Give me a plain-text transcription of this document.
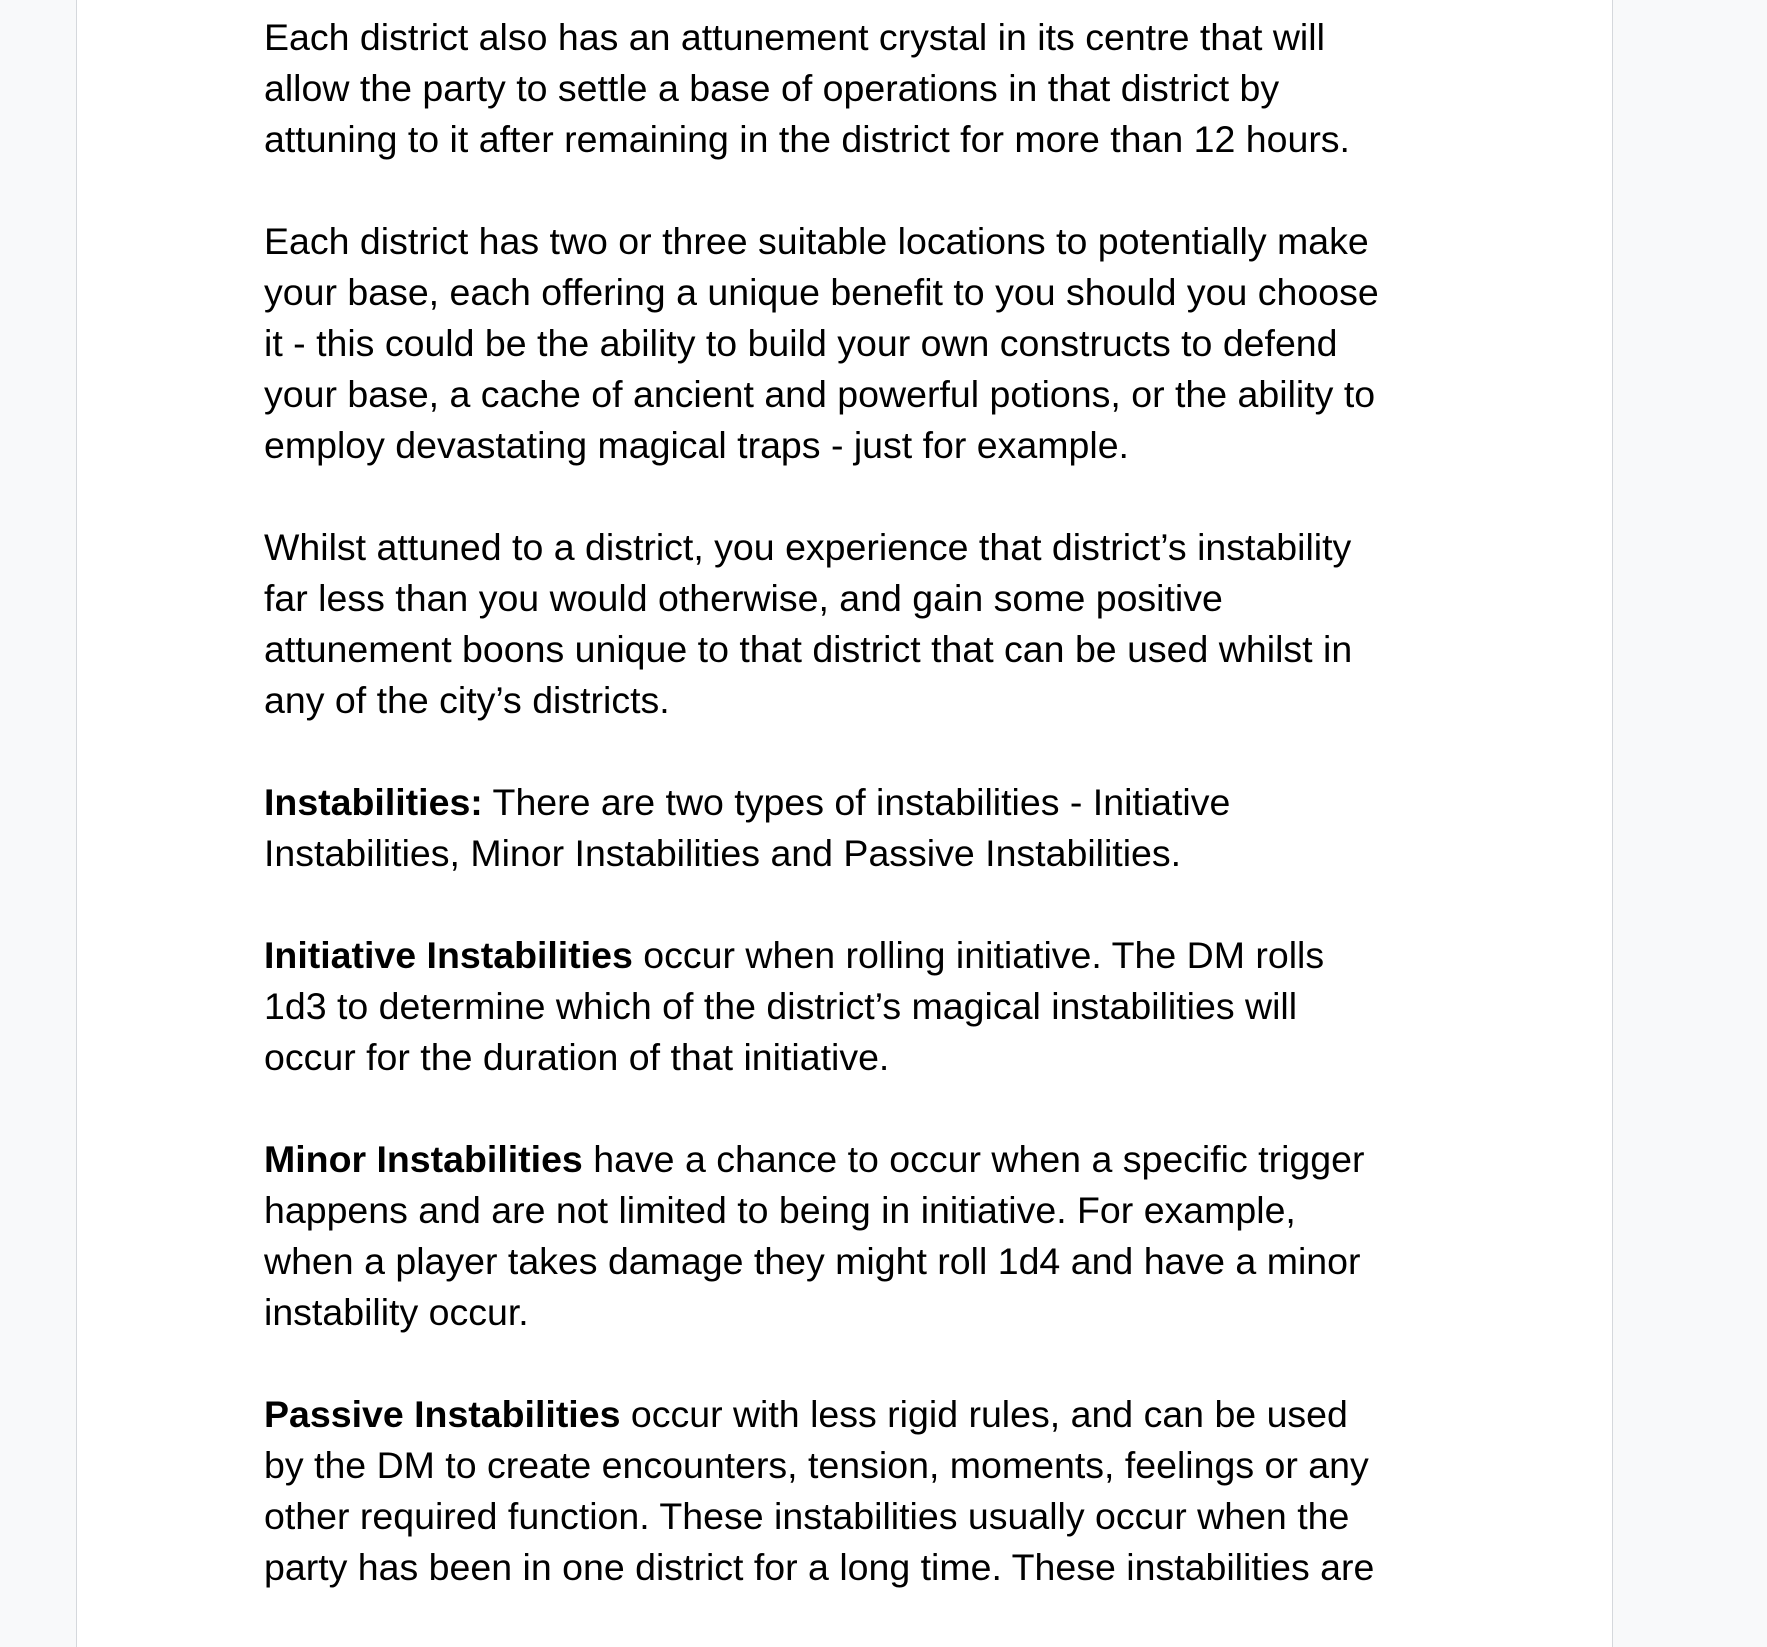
Each district also has an attunement crystal in its centre that will
allow the party to settle a base of operations in that district by
attuning to it after remaining in the district for more than 12 hours.

Each district has two or three suitable locations to potentially make
your base, each offering a unique benefit to you should you choose
it - this could be the ability to build your own constructs to defend
your base, a cache of ancient and powerful potions, or the ability to
employ devastating magical traps - just for example.

Whilst attuned to a district, you experience that district’s instability
far less than you would otherwise, and gain some positive
attunement boons unique to that district that can be used whilst in
any of the city’s districts.

Instabilities: There are two types of instabilities - Initiative
Instabilities, Minor Instabilities and Passive Instabilities.

Initiative Instabilities occur when rolling initiative. The DM rolls
1d3 to determine which of the district’s magical instabilities will
occur for the duration of that initiative.

Minor Instabilities have a chance to occur when a specific trigger
happens and are not limited to being in initiative. For example,
when a player takes damage they might roll 1d4 and have a minor
instability occur.

Passive Instabilities occur with less rigid rules, and can be used
by the DM to create encounters, tension, moments, feelings or any
other required function. These instabilities usually occur when the
party has been in one district for a long time. These instabilities are
